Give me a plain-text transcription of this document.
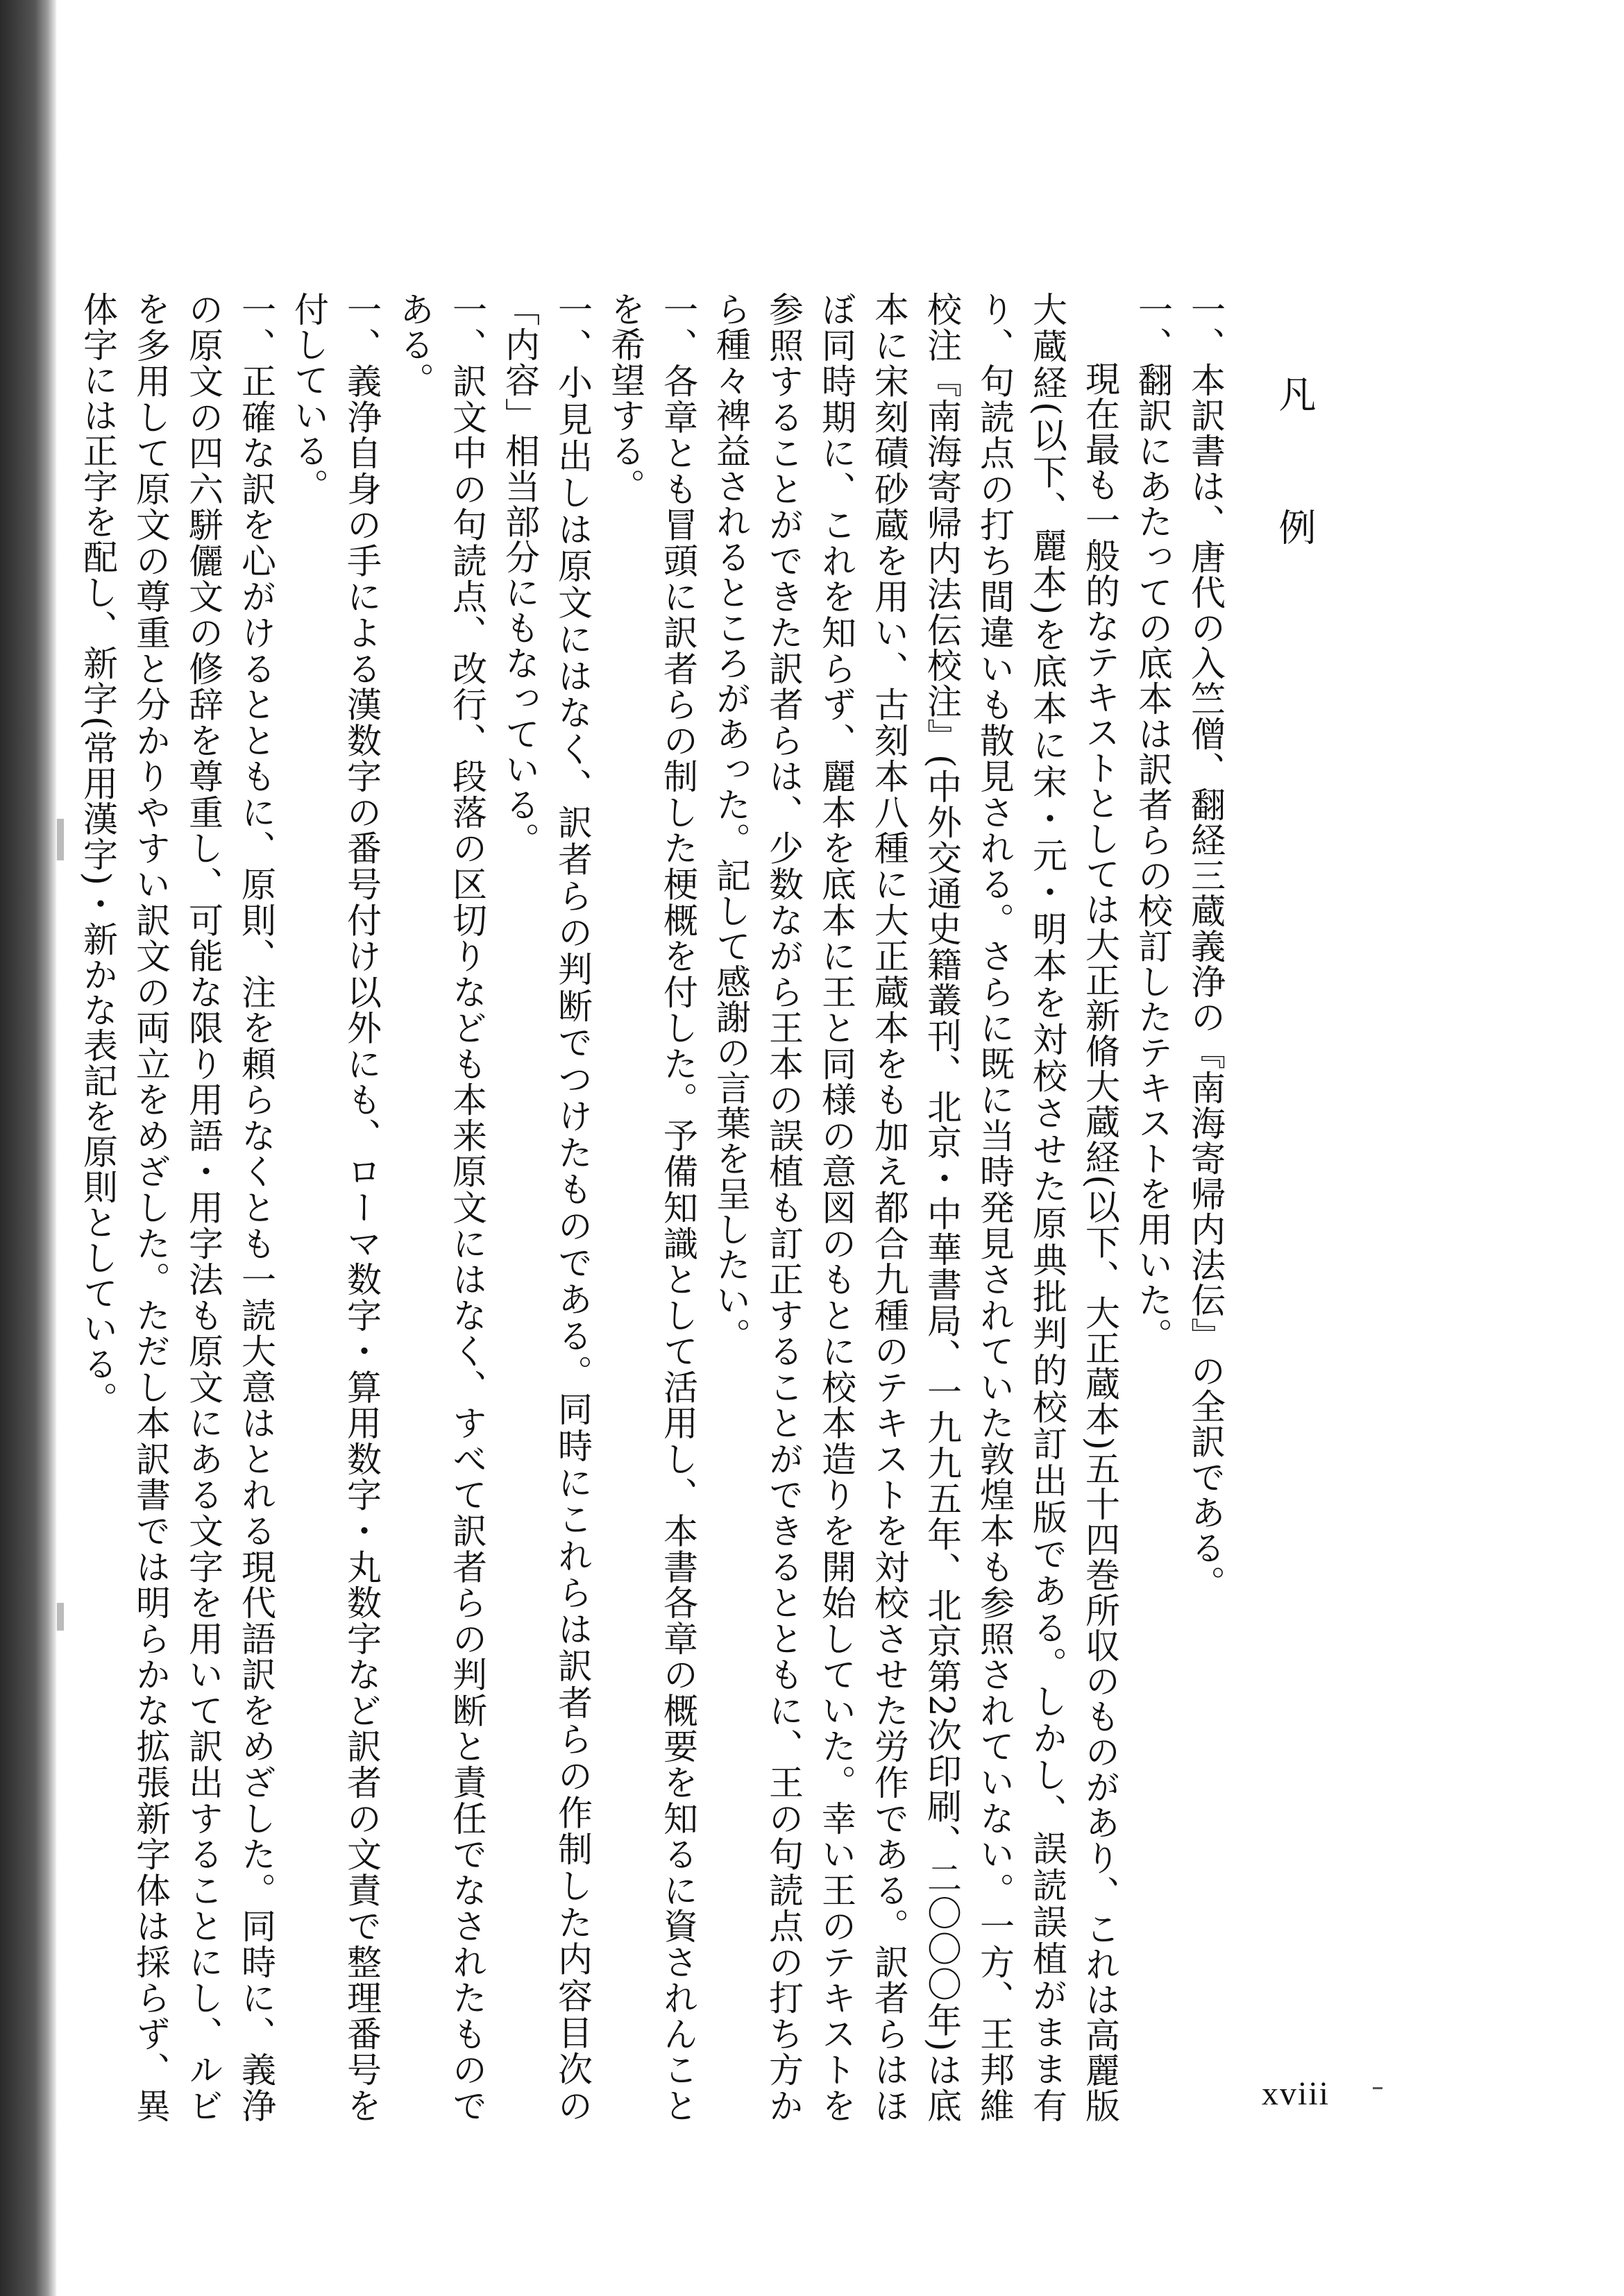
凡　例

一、本訳書は、唐代の入竺僧、翻経三蔵義浄の『南海寄帰内法伝』の全訳である。

一、翻訳にあたっての底本は訳者らの校訂したテキストを用いた。

現在最も一般的なテキストとしては大正新脩大蔵経(以下、大正蔵本)五十四巻所収のものがあり、これは高麗版大蔵経(以下、麗本)を底本に宋・元・明本を対校させた原典批判的校訂出版である。しかし、誤読誤植がまま有り、句読点の打ち間違いも散見される。さらに既に当時発見されていた敦煌本も参照されていない。一方、王邦維校注『南海寄帰内法伝校注』(中外交通史籍叢刊、北京・中華書局、一九九五年、北京第2次印刷、二〇〇〇年)は底本に宋刻磧砂蔵を用い、古刻本八種に大正蔵本をも加え都合九種のテキストを対校させた労作である。訳者らはほぼ同時期に、これを知らず、麗本を底本に王と同様の意図のもとに校本造りを開始していた。幸い王のテキストを参照することができた訳者らは、少数ながら王本の誤植も訂正することができるとともに、王の句読点の打ち方から種々裨益されるところがあった。記して感謝の言葉を呈したい。

一、各章とも冒頭に訳者らの制した梗概を付した。予備知識として活用し、本書各章の概要を知るに資されんことを希望する。

一、小見出しは原文にはなく、訳者らの判断でつけたものである。同時にこれらは訳者らの作制した内容目次の「内容」相当部分にもなっている。

一、訳文中の句読点、改行、段落の区切りなども本来原文にはなく、すべて訳者らの判断と責任でなされたものである。

一、義浄自身の手による漢数字の番号付け以外にも、ローマ数字・算用数字・丸数字など訳者の文責で整理番号を付している。

一、正確な訳を心がけるとともに、原則、注を頼らなくとも一読大意はとれる現代語訳をめざした。同時に、義浄の原文の四六駢儷文の修辞を尊重し、可能な限り用語・用字法も原文にある文字を用いて訳出することにし、ルビを多用して原文の尊重と分かりやすい訳文の両立をめざした。ただし本訳書では明らかな拡張新字体は採らず、異体字には正字を配し、新字(常用漢字)・新かな表記を原則としている。

xviii
